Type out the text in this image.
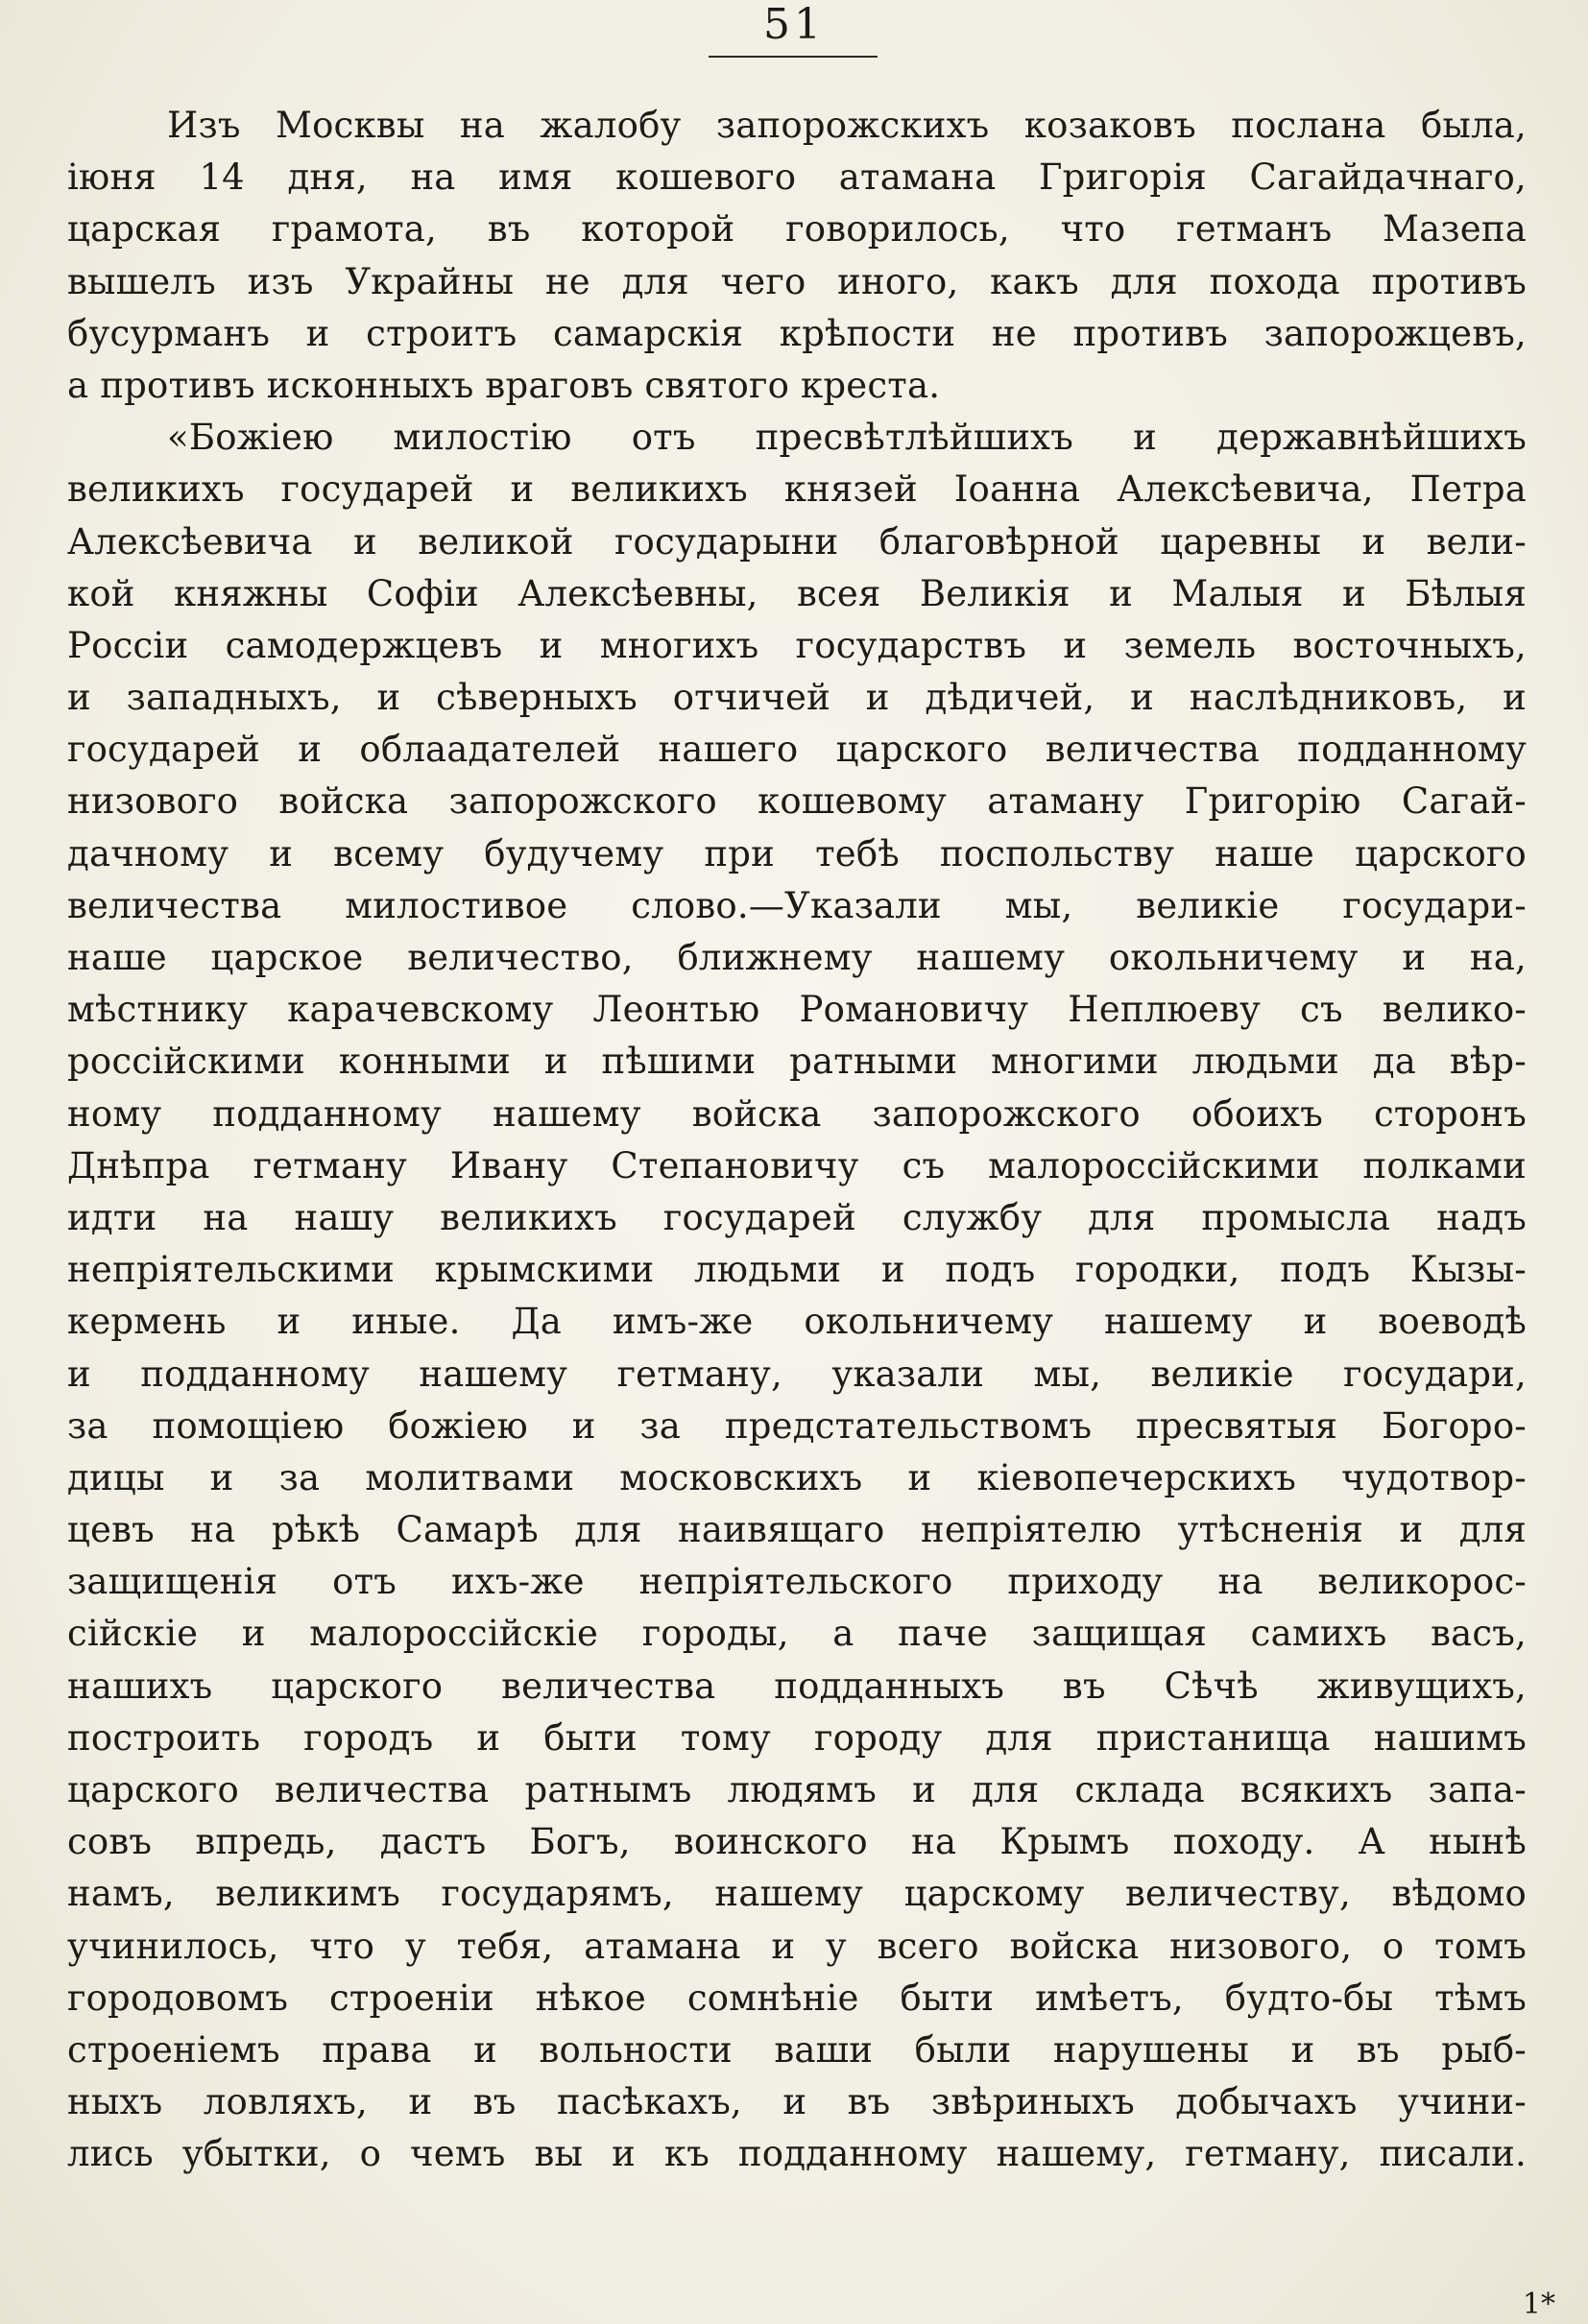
51
Изъ Москвы на жалобу запорожскихъ козаковъ послана была,
iюня 14 дня, на имя кошевого атамана Григорiя Сагайдачнаго,
царская грамота, въ которой говорилось, что гетманъ Мазепа
вышелъ изъ Украйны не для чего иного, какъ для похода противъ
бусурманъ и строитъ самарскiя крѣпости не противъ запорожцевъ,
а противъ исконныхъ враговъ святого креста.
«Божiею милостiю отъ пресвѣтлѣйшихъ и державнѣйшихъ
великихъ государей и великихъ князей Iоанна Алексѣевича, Петра
Алексѣевича и великой государыни благовѣрной царевны и вели-
кой княжны Софiи Алексѣевны, всея Великiя и Малыя и Бѣлыя
Россiи самодержцевъ и многихъ государствъ и земель восточныхъ,
и западныхъ, и сѣверныхъ отчичей и дѣдичей, и наслѣдниковъ, и
государей и облаадателей нашего царского величества подданному
низового войска запорожского кошевому атаману Григорiю Сагай-
дачному и всему будучему при тебѣ поспольству наше царского
величества милостивое слово.—Указали мы, великiе государи-
наше царское величество, ближнему нашему окольничему и на,
мѣстнику карачевскому Леонтью Романовичу Неплюеву съ велико-
россiйскими конными и пѣшими ратными многими людьми да вѣр-
ному подданному нашему войска запорожского обоихъ сторонъ
Днѣпра гетману Ивану Степановичу съ малороссiйскими полками
идти на нашу великихъ государей службу для промысла надъ
непрiятельскими крымскими людьми и подъ городки, подъ Кызы-
кермень и иные. Да имъ-же окольничему нашему и воеводѣ
и подданному нашему гетману, указали мы, великiе государи,
за помощiею божiею и за предстательствомъ пресвятыя Богоро-
дицы и за молитвами московскихъ и кiевопечерскихъ чудотвор-
цевъ на рѣкѣ Самарѣ для наивящаго непрiятелю утѣсненiя и для
защищенiя отъ ихъ-же непрiятельского приходу на великорос-
сiйскiе и малороссiйскiе городы, а паче защищая самихъ васъ,
нашихъ царского величества подданныхъ въ Сѣчѣ живущихъ,
построить городъ и быти тому городу для пристанища нашимъ
царского величества ратнымъ людямъ и для склада всякихъ запа-
совъ впредь, дастъ Богъ, воинского на Крымъ походу. А нынѣ
намъ, великимъ государямъ, нашему царскому величеству, вѣдомо
учинилось, что у тебя, атамана и у всего войска низового, о томъ
городовомъ строенiи нѣкое сомнѣнiе быти имѣетъ, будто-бы тѣмъ
строенiемъ права и вольности ваши были нарушены и въ рыб-
ныхъ ловляхъ, и въ пасѣкахъ, и въ звѣриныхъ добычахъ учини-
лись убытки, о чемъ вы и къ подданному нашему, гетману, писали.
1*
